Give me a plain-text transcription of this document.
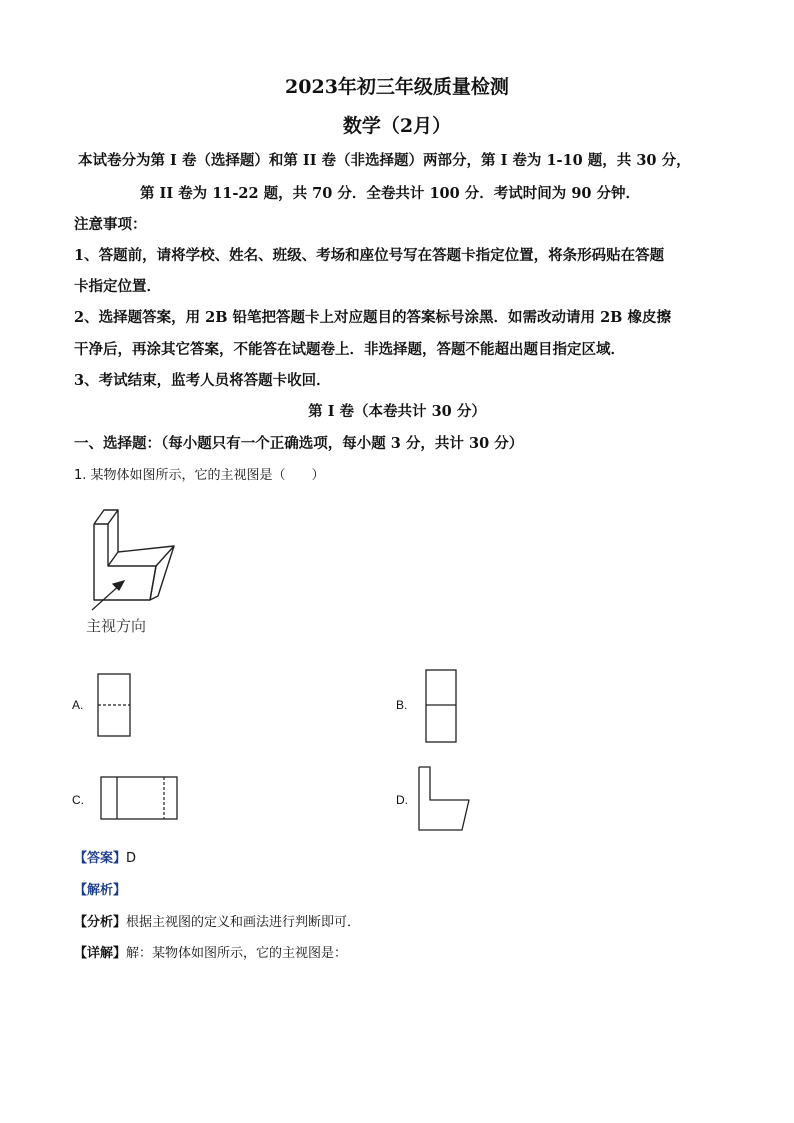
2023年初三年级质量检测
数学（2月）
本试卷分为第 I 卷（选择题）和第 II 卷（非选择题）两部分，第 I 卷为 1-10 题，共 30 分，
第 II 卷为 11-22 题，共 70 分．全卷共计 100 分．考试时间为 90 分钟．
注意事项：
1、答题前，请将学校、姓名、班级、考场和座位号写在答题卡指定位置，将条形码贴在答题
卡指定位置．
2、选择题答案，用 2B 铅笔把答题卡上对应题目的答案标号涂黑．如需改动请用 2B 橡皮擦
干净后，再涂其它答案，不能答在试题卷上．非选择题，答题不能超出题目指定区域．
3、考试结束，监考人员将答题卡收回．
第 I 卷（本卷共计 30 分）
一、选择题：（每小题只有一个正确选项，每小题 3 分，共计 30 分）
1. 某物体如图所示，它的主视图是（　　）
主视方向
A.	B.
C.	D.
【答案】D
【解析】
【分析】根据主视图的定义和画法进行判断即可．
【详解】解：某物体如图所示，它的主视图是：
